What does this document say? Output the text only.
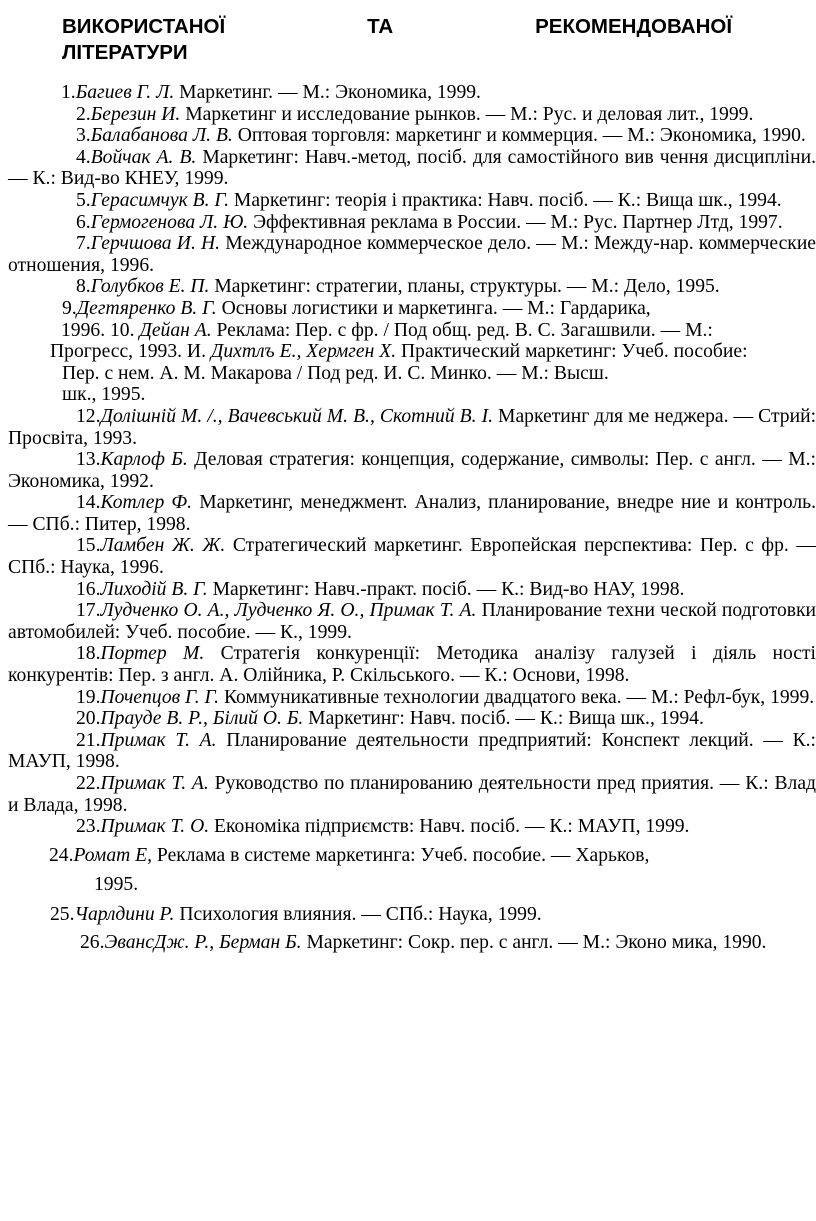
ВИКОРИСТАНОЇ	ТА	РЕКОМЕНДОВАНОЇ
ЛІТЕРАТУРИ

1.Багиев Г. Л. Маркетинг. — М.: Экономика, 1999.

2.Березин И. Маркетинг и исследование рынков. — М.: Рус. и деловая лит., 1999.

3.Балабанова Л. В. Оптовая торговля: маркетинг и коммерция. — М.: Экономика, 1990.

4.Войчак А. В. Маркетинг: Навч.-метод, посіб. для самостійного вив чення дисципліни. — К.: Вид-во КНЕУ, 1999.

5.Герасимчук В. Г. Маркетинг: теорія і практика: Навч. посіб. — К.: Вища шк., 1994.

6.Гермогенова Л. Ю. Эффективная реклама в России. — М.: Рус. Партнер Лтд, 1997.

7.Герчшова И. Н. Международное коммерческое дело. — М.: Между-нар. коммерческие отношения, 1996.

8.Голубков Е. П. Маркетинг: стратегии, планы, структуры. — М.: Дело, 1995.

9.Дегтяренко В. Г. Основы логистики и маркетинга. — М.: Гардарика,

1996. 10. Дейан А. Реклама: Пер. с фр. / Под общ. ред. В. С. Загашвили. — М.:

Прогресс, 1993. И. Дихтлъ Е., Хермген X. Практический маркетинг: Учеб. пособие:

Пер. с нем. А. М. Макарова / Под ред. И. С. Минко. — М.: Высш.

шк., 1995.

12.Долішній М. /., Вачевський М. В., Скотний В. І. Маркетинг для ме неджера. — Стрий: Просвіта, 1993.

13.Карлоф Б. Деловая стратегия: концепция, содержание, символы: Пер. с англ. — М.: Экономика, 1992.

14.Котлер Ф. Маркетинг, менеджмент. Анализ, планирование, внедре ние и контроль. — СПб.: Питер, 1998.

15.Ламбен Ж. Ж. Стратегический маркетинг. Европейская перспектива: Пер. с фр. — СПб.: Наука, 1996.

16.Лиходій В. Г. Маркетинг: Навч.-практ. посіб. — К.: Вид-во НАУ, 1998.

17.Лудченко О. А., Лудченко Я. О., Примак Т. А. Планирование техни ческой подготовки автомобилей: Учеб. пособие. — К., 1999.

18.Портер М. Стратегія конкуренції: Методика аналізу галузей і діяль ності конкурентів: Пер. з англ. А. Олійника, Р. Скільського. — К.: Основи, 1998.

19.Почепцов Г. Г. Коммуникативные технологии двадцатого века. — М.: Рефл-бук, 1999.

20.Прауде В. Р., Білий О. Б. Маркетинг: Навч. посіб. — К.: Вища шк., 1994.

21.Примак Т. А. Планирование деятельности предприятий: Конспект лекций. — К.: МАУП, 1998.

22.Примак Т. А. Руководство по планированию деятельности пред приятия. — К.: Влад и Влада, 1998.

23.Примак Т. О. Економіка підприємств: Навч. посіб. — К.: МАУП, 1999.

24.Ромат Е, Реклама в системе маркетинга: Учеб. пособие. — Харьков,

1995.

25.Чарлдини Р. Психология влияния. — СПб.: Наука, 1999.

26.ЭвансДж. Р., Берман Б. Маркетинг: Сокр. пер. с англ. — М.: Эконо мика, 1990.
